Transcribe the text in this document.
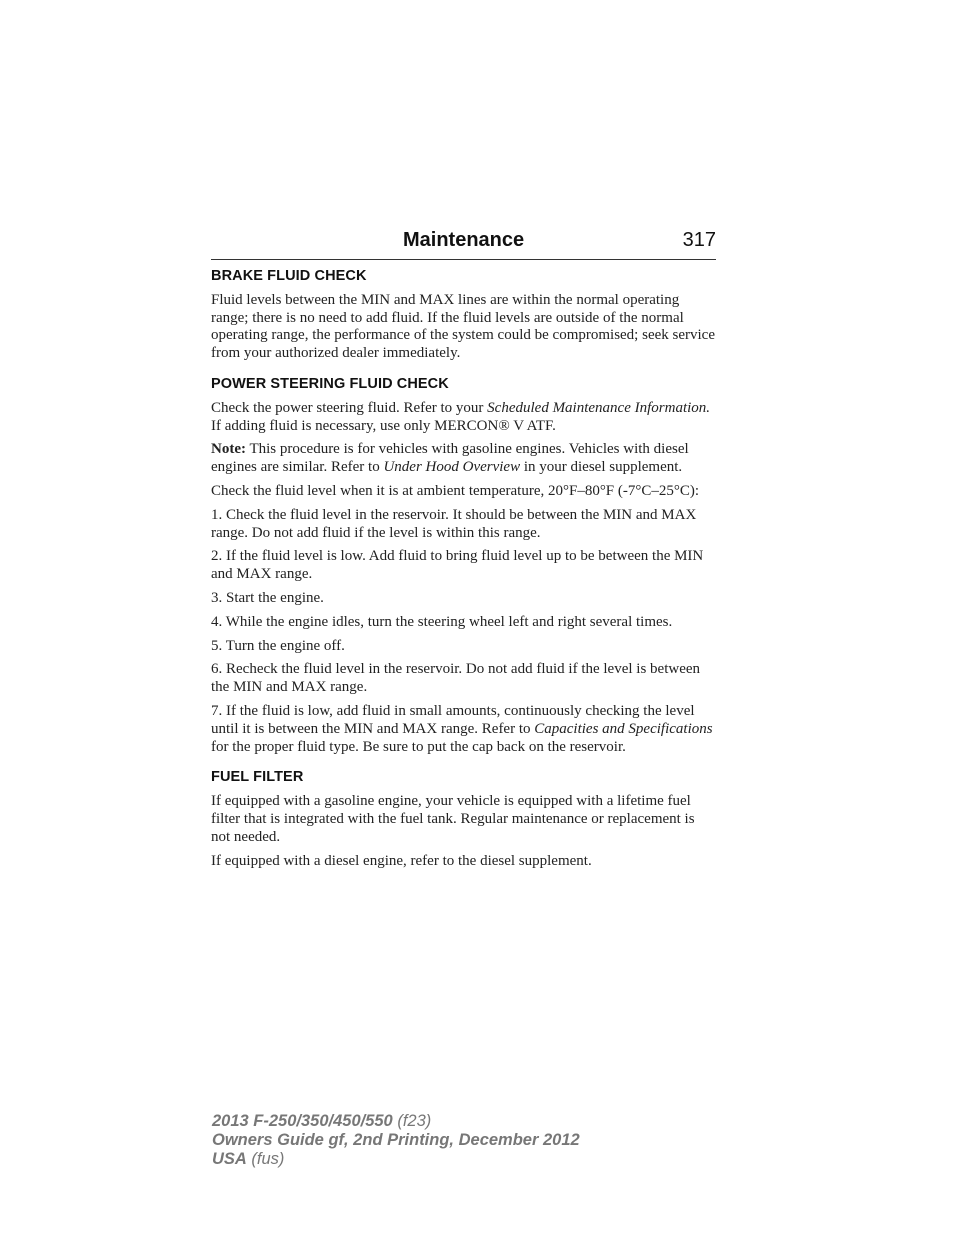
Maintenance	317
BRAKE FLUID CHECK

Fluid levels between the MIN and MAX lines are within the normal operating range; there is no need to add fluid. If the fluid levels are outside of the normal operating range, the performance of the system could be compromised; seek service from your authorized dealer immediately.

POWER STEERING FLUID CHECK

Check the power steering fluid. Refer to your Scheduled Maintenance Information. If adding fluid is necessary, use only MERCON® V ATF.

Note: This procedure is for vehicles with gasoline engines. Vehicles with diesel engines are similar. Refer to Under Hood Overview in your diesel supplement.

Check the fluid level when it is at ambient temperature, 20°F–80°F (-7°C–25°C):

1. Check the fluid level in the reservoir. It should be between the MIN and MAX range. Do not add fluid if the level is within this range.

2. If the fluid level is low. Add fluid to bring fluid level up to be between the MIN and MAX range.

3. Start the engine.

4. While the engine idles, turn the steering wheel left and right several times.

5. Turn the engine off.

6. Recheck the fluid level in the reservoir. Do not add fluid if the level is between the MIN and MAX range.

7. If the fluid is low, add fluid in small amounts, continuously checking the level until it is between the MIN and MAX range. Refer to Capacities and Specifications for the proper fluid type. Be sure to put the cap back on the reservoir.

FUEL FILTER

If equipped with a gasoline engine, your vehicle is equipped with a lifetime fuel filter that is integrated with the fuel tank. Regular maintenance or replacement is not needed.

If equipped with a diesel engine, refer to the diesel supplement.

2013 F-250/350/450/550 (f23)
Owners Guide gf, 2nd Printing, December 2012
USA (fus)
